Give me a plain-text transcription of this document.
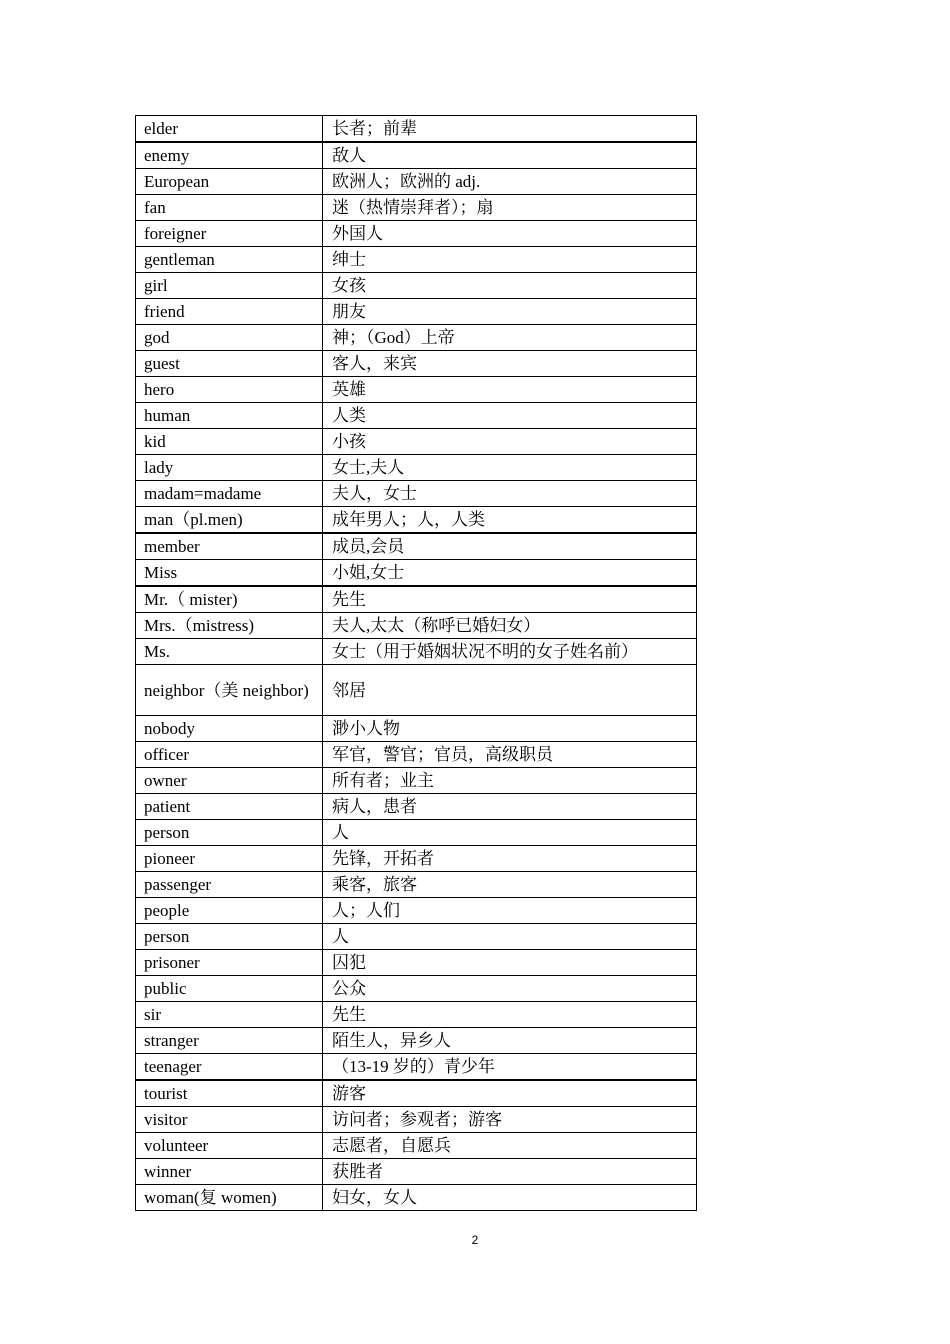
elder	长者；前辈
enemy	敌人
European	欧洲人；欧洲的 adj.
fan	迷（热情崇拜者）；扇
foreigner	外国人
gentleman	绅士
girl	女孩
friend	朋友
god	神；（God）上帝
guest	客人，来宾
hero	英雄
human	人类
kid	小孩
lady	女士,夫人
madam=madame	夫人，女士
man（pl.men)	成年男人；人，人类
member	成员,会员
Miss	小姐,女士
Mr.（ mister)	先生
Mrs.（mistress)	夫人,太太（称呼已婚妇女）
Ms.	女士（用于婚姻状况不明的女子姓名前）
neighbor（美 neighbor)	邻居
nobody	渺小人物
officer	军官，警官；官员，高级职员
owner	所有者；业主
patient	病人，患者
person	人
pioneer	先锋，开拓者
passenger	乘客，旅客
people	人；人们
person	人
prisoner	囚犯
public	公众
sir	先生
stranger	陌生人，异乡人
teenager	（13-19 岁的）青少年
tourist	游客
visitor	访问者；参观者；游客
volunteer	志愿者，自愿兵
winner	获胜者
woman(复 women)	妇女，女人
2
